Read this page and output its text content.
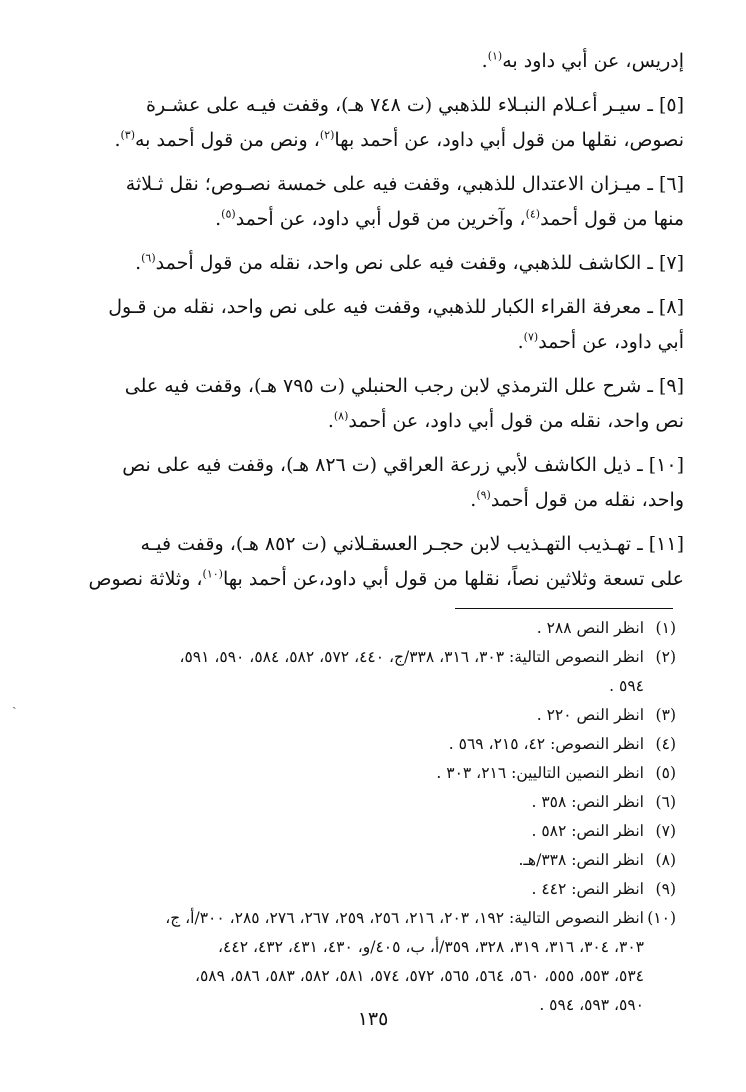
إدريس، عن أبي داود به$^{(١)}$.

[٥] ـ سيـر أعـلام النبـلاء للذهبي (ت ٧٤٨ هـ)، وقفت فيـه على عشـرة

نصوص، نقلها من قول أبي داود، عن أحمد بها$^{(٢)}$، ونص من قول أحمد به$^{(٣)}$.

[٦] ـ ميـزان الاعتدال للذهبي، وقفت فيه على خمسة نصـوص؛ نقل ثـلاثة

منها من قول أحمد$^{(٤)}$، وآخرين من قول أبي داود، عن أحمد$^{(٥)}$.

[٧] ـ الكاشف للذهبي، وقفت فيه على نص واحد، نقله من قول أحمد$^{(٦)}$.

[٨] ـ معرفة القراء الكبار للذهبي، وقفت فيه على نص واحد، نقله من قـول

أبي داود، عن أحمد$^{(٧)}$.

[٩] ـ شرح علل الترمذي لابن رجب الحنبلي (ت ٧٩٥ هـ)، وقفت فيه على

نص واحد، نقله من قول أبي داود، عن أحمد$^{(٨)}$.

[١٠] ـ ذيل الكاشف لأبي زرعة العراقي (ت ٨٢٦ هـ)، وقفت فيه على نص

واحد، نقله من قول أحمد$^{(٩)}$.

[١١] ـ تهـذيب التهـذيب لابن حجـر العسقـلاني (ت ٨٥٢ هـ)، وقفت فيـه

على تسعة وثلاثين نصاً، نقلها من قول أبي داود،عن أحمد بها$^{(١٠)}$، وثلاثة نصوص

(١)
انظر النص ٢٨٨ .
(٢)
انظر النصوص التالية: ٣٠٣، ٣١٦، ٣٣٨/ج، ٤٤٠، ٥٧٢، ٥٨٢، ٥٨٤، ٥٩٠، ٥٩١،
٥٩٤ .
(٣)
انظر النص ٢٢٠ .
(٤)
انظر النصوص: ٤٢، ٢١٥، ٥٦٩ .
(٥)
انظر النصين التاليين: ٢١٦، ٣٠٣ .
(٦)
انظر النص: ٣٥٨ .
(٧)
انظر النص: ٥٨٢ .
(٨)
انظر النص: ٣٣٨/هـ.
(٩)
انظر النص: ٤٤٢ .
(١٠)
انظر النصوص التالية: ١٩٢، ٢٠٣، ٢١٦، ٢٥٦، ٢٥٩، ٢٦٧، ٢٧٦، ٢٨٥، ٣٠٠/أ، ج،
٣٠٣، ٣٠٤، ٣١٦، ٣١٩، ٣٢٨، ٣٥٩/أ، ب، ٤٠٥/و، ٤٣٠، ٤٣١، ٤٣٢، ٤٤٢،
٥٣٤، ٥٥٣، ٥٥٥، ٥٦٠، ٥٦٤، ٥٦٥، ٥٧٢، ٥٧٤، ٥٨١، ٥٨٢، ٥٨٣، ٥٨٦، ٥٨٩،
٥٩٠، ٥٩٣، ٥٩٤ .
١٣٥
ˏ
